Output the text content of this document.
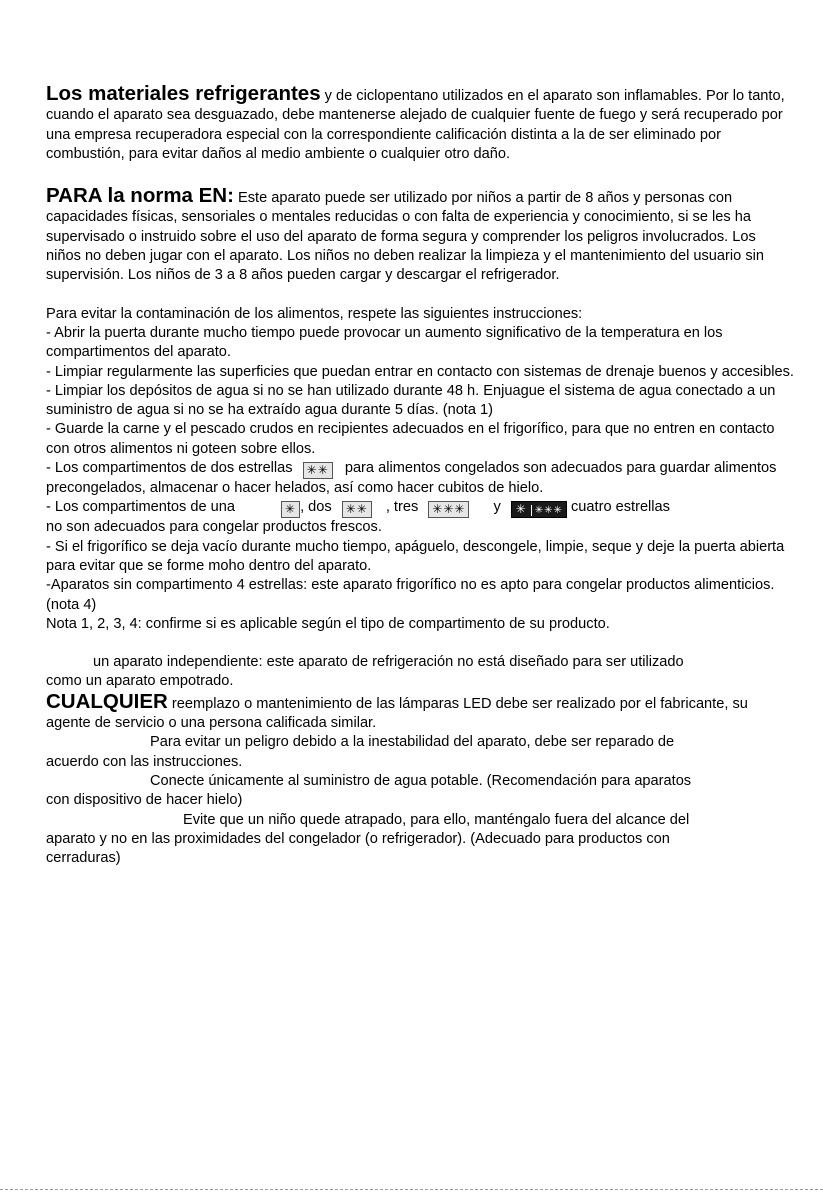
Los materiales refrigerantes y de ciclopentano utilizados en el aparato son inflamables. Por lo tanto, cuando el aparato sea desguazado, debe mantenerse alejado de cualquier fuente de fuego y será recuperado por una empresa recuperadora especial con la correspondiente calificación distinta a la de ser eliminado por combustión, para evitar daños al medio ambiente o cualquier otro daño.

PARA la norma EN: Este aparato puede ser utilizado por niños a partir de 8 años y personas con capacidades físicas, sensoriales o mentales reducidas o con falta de experiencia y conocimiento, si se les ha supervisado o instruido sobre el uso del aparato de forma segura y comprender los peligros involucrados. Los niños no deben jugar con el aparato. Los niños no deben realizar la limpieza y el mantenimiento del usuario sin supervisión. Los niños de 3 a 8 años pueden cargar y descargar el refrigerador.

Para evitar la contaminación de los alimentos, respete las siguientes instrucciones:

- Abrir la puerta durante mucho tiempo puede provocar un aumento significativo de la temperatura en los compartimentos del aparato.

- Limpiar regularmente las superficies que puedan entrar en contacto con sistemas de drenaje buenos y accesibles.

- Limpiar los depósitos de agua si no se han utilizado durante 48 h. Enjuague el sistema de agua conectado a un suministro de agua si no se ha extraído agua durante 5 días. (nota 1)

- Guarde la carne y el pescado crudos en recipientes adecuados en el frigorífico, para que no entren en contacto con otros alimentos ni goteen sobre ellos.

- Los compartimentos de dos estrellas ✳✳ para alimentos congelados son adecuados para guardar alimentos precongelados, almacenar o hacer helados, así como hacer cubitos de hielo.

- Los compartimentos de una	✳ , dos ✳✳ , tres ✳✳✳ y ✳ ✳✳✳ cuatro estrellas

no son adecuados para congelar productos frescos.

- Si el frigorífico se deja vacío durante mucho tiempo, apáguelo, descongele, limpie, seque y deje la puerta abierta para evitar que se forme moho dentro del aparato.

-Aparatos sin compartimento 4 estrellas: este aparato frigorífico no es apto para congelar productos alimenticios. (nota 4)

Nota 1, 2, 3, 4: confirme si es aplicable según el tipo de compartimento de su producto.

un aparato independiente: este aparato de refrigeración no está diseñado para ser utilizado

como un aparato empotrado.

CUALQUIER reemplazo o mantenimiento de las lámparas LED debe ser realizado por el fabricante, su agente de servicio o una persona calificada similar.

Para evitar un peligro debido a la inestabilidad del aparato, debe ser reparado de

acuerdo con las instrucciones.

Conecte únicamente al suministro de agua potable. (Recomendación para aparatos

con dispositivo de hacer hielo)

Evite que un niño quede atrapado, para ello, manténgalo fuera del alcance del

aparato y no en las proximidades del congelador (o refrigerador). (Adecuado para productos con

cerraduras)
